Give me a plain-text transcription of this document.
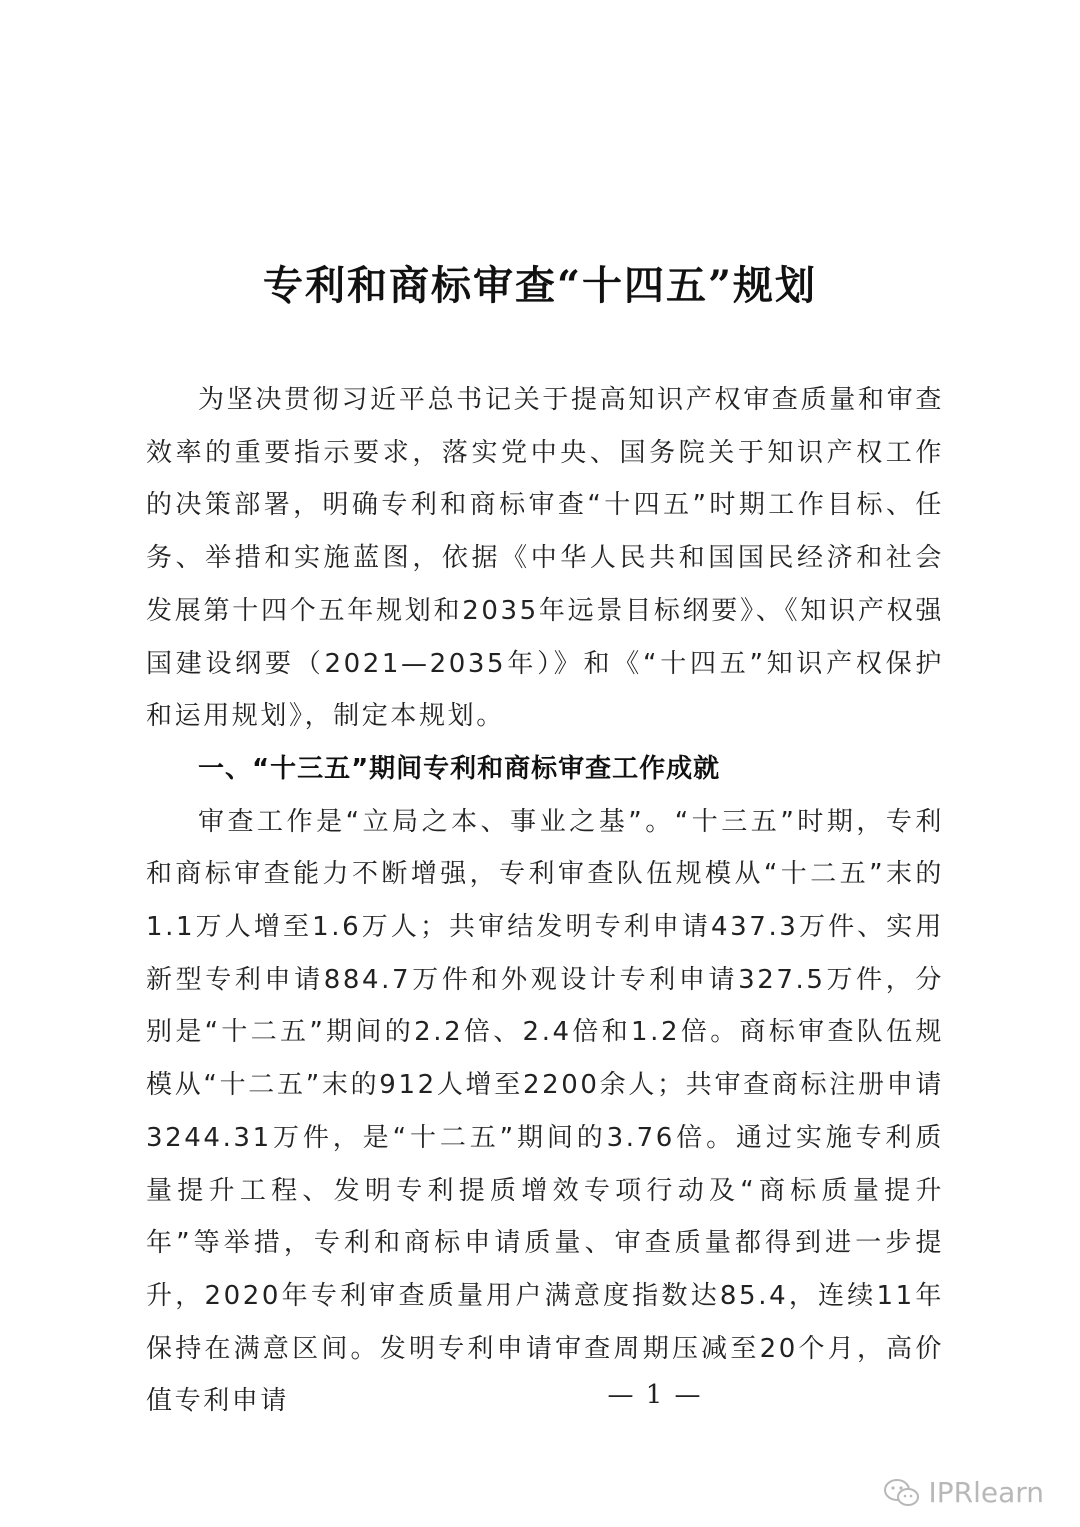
专利和商标审查“十四五”规划

为坚决贯彻习近平总书记关于提高知识产权审查质量和审查效率的重要指示要求，落实党中央、国务院关于知识产权工作的决策部署，明确专利和商标审查“十四五”时期工作目标、任务、举措和实施蓝图，依据《中华人民共和国国民经济和社会发展第十四个五年规划和2035年远景目标纲要》、《知识产权强国建设纲要（2021—2035年）》和《“十四五”知识产权保护和运用规划》，制定本规划。

一、“十三五”期间专利和商标审查工作成就

审查工作是“立局之本、事业之基”。“十三五”时期，专利和商标审查能力不断增强，专利审查队伍规模从“十二五”末的1.1万人增至1.6万人；共审结发明专利申请437.3万件、实用新型专利申请884.7万件和外观设计专利申请327.5万件，分别是“十二五”期间的2.2倍、2.4倍和1.2倍。商标审查队伍规模从“十二五”末的912人增至2200余人；共审查商标注册申请3244.31万件，是“十二五”期间的3.76倍。通过实施专利质量提升工程、发明专利提质增效专项行动及“商标质量提升年”等举措，专利和商标申请质量、审查质量都得到进一步提升，2020年专利审查质量用户满意度指数达85.4，连续11年保持在满意区间。发明专利申请审查周期压减至20个月，高价值专利申请	— 1 —
IPRlearn
